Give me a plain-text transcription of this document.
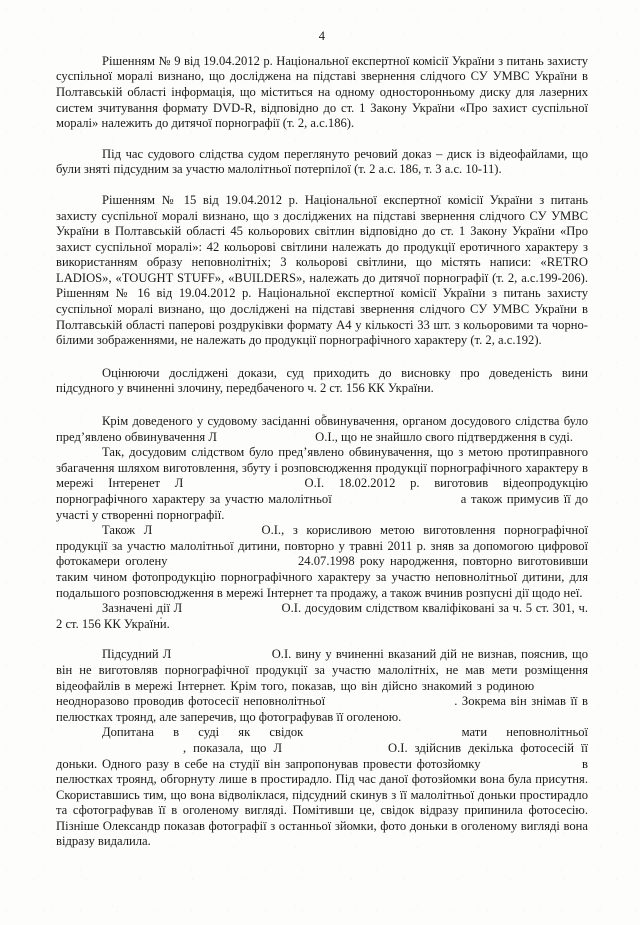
4

Рішенням № 9 від 19.04.2012 р. Національної експертної комісії України з питань захисту суспільної моралі визнано, що досліджена на підставі звернення слідчого СУ УМВС України в Полтавській області інформація, що міститься на одному односторонньому диску для лазерних систем зчитування формату DVD-R, відповідно до ст. 1 Закону України «Про захист суспільної моралі» належить до дитячої порнографії (т. 2, а.с.186).

Під час судового слідства судом переглянуто речовий доказ – диск із відеофайлами, що були зняті підсудним за участю малолітньої потерпілої (т. 2 а.с. 186, т. 3 а.с. 10-11).

Рішенням № 15 від 19.04.2012 р. Національної експертної комісії України з питань захисту суспільної моралі визнано, що з досліджених на підставі звернення слідчого СУ УМВС України в Полтавській області 45 кольорових світлин відповідно до ст. 1 Закону України «Про захист суспільної моралі»: 42 кольорові світлини належать до продукції еротичного характеру з використанням образу неповнолітніх; 3 кольорові світлини, що містять написи: «RETRO LADIOS», «TOUGHT STUFF», «BUILDERS», належать до дитячої порнографії (т. 2, а.с.199-206). Рішенням № 16 від 19.04.2012 р. Національної експертної комісії України з питань захисту суспільної моралі визнано, що досліджені на підставі звернення слідчого СУ УМВС України в Полтавській області паперові роздруківки формату А4 у кількості 33 шт. з кольоровими та чорно-білими зображеннями, не належать до продукції порнографічного характеру (т. 2, а.с.192).

Оцінюючи досліджені докази, суд приходить до висновку про доведеність вини підсудного у вчиненні злочину, передбаченого ч. 2 ст. 156 КК України.

Крім доведеного у судовому засіданні обвинувачення, органом досудового слідства було пред’явлено обвинувачення Л	О.І., що не знайшло свого підтвердження в суді.

Так, досудовим слідством було пред’явлено обвинувачення, що з метою протиправного збагачення шляхом виготовлення, збуту і розповсюдження продукції порнографічного характеру в мережі Інтеренет Л	О.І. 18.02.2012 р. виготовив відеопродукцію порнографічного характеру за участю малолітньої	а також примусив її до участі у створенні порнографії.

Також Л	О.І., з корисливою метою виготовлення порнографічної продукції за участю малолітньої дитини, повторно у травні 2011 р. зняв за допомогою цифрової фотокамери оголену	24.07.1998 року народження, повторно виготовивши таким чином фотопродукцію порнографічного характеру за участю неповнолітньої дитини, для подальшого розповсюдження в мережі Інтернет та продажу, а також вчинив розпусні дії щодо неї.

Зазначені дії Л	О.І. досудовим слідством кваліфіковані за ч. 5 ст. 301, ч. 2 ст. 156 КК України.

Підсудний Л	О.І. вину у вчиненні вказаний дій не визнав, пояснив, що він не виготовляв порнографічної продукції за участю малолітніх, не мав мети розміщення відеофайлів в мережі Інтернет. Крім того, показав, що він дійсно знакомий з родиною   неодноразово проводив фотосесії неповнолітньої	. Зокрема він знімав її в пелюстках троянд, але заперечив, що фотографував її оголеною.

Допитана в суді як свідок	мати неповнолітньої   , показала, що Л	О.І. здійснив декілька фотосесій її доньки. Одного разу в себе на студії він запропонував провести фотозйомку	в пелюстках троянд, обгорнуту лише в простирадло. Під час даної фотозйомки вона була присутня. Скориставшись тим, що вона відволіклася, підсудний скинув з її малолітньої доньки простирадло та сфотографував її в оголеному вигляді. Помітивши це, свідок відразу припинила фотосесію. Пізніше Олександр показав фотографії з останньої зйомки, фото доньки в оголеному вигляді вона відразу видалила.
